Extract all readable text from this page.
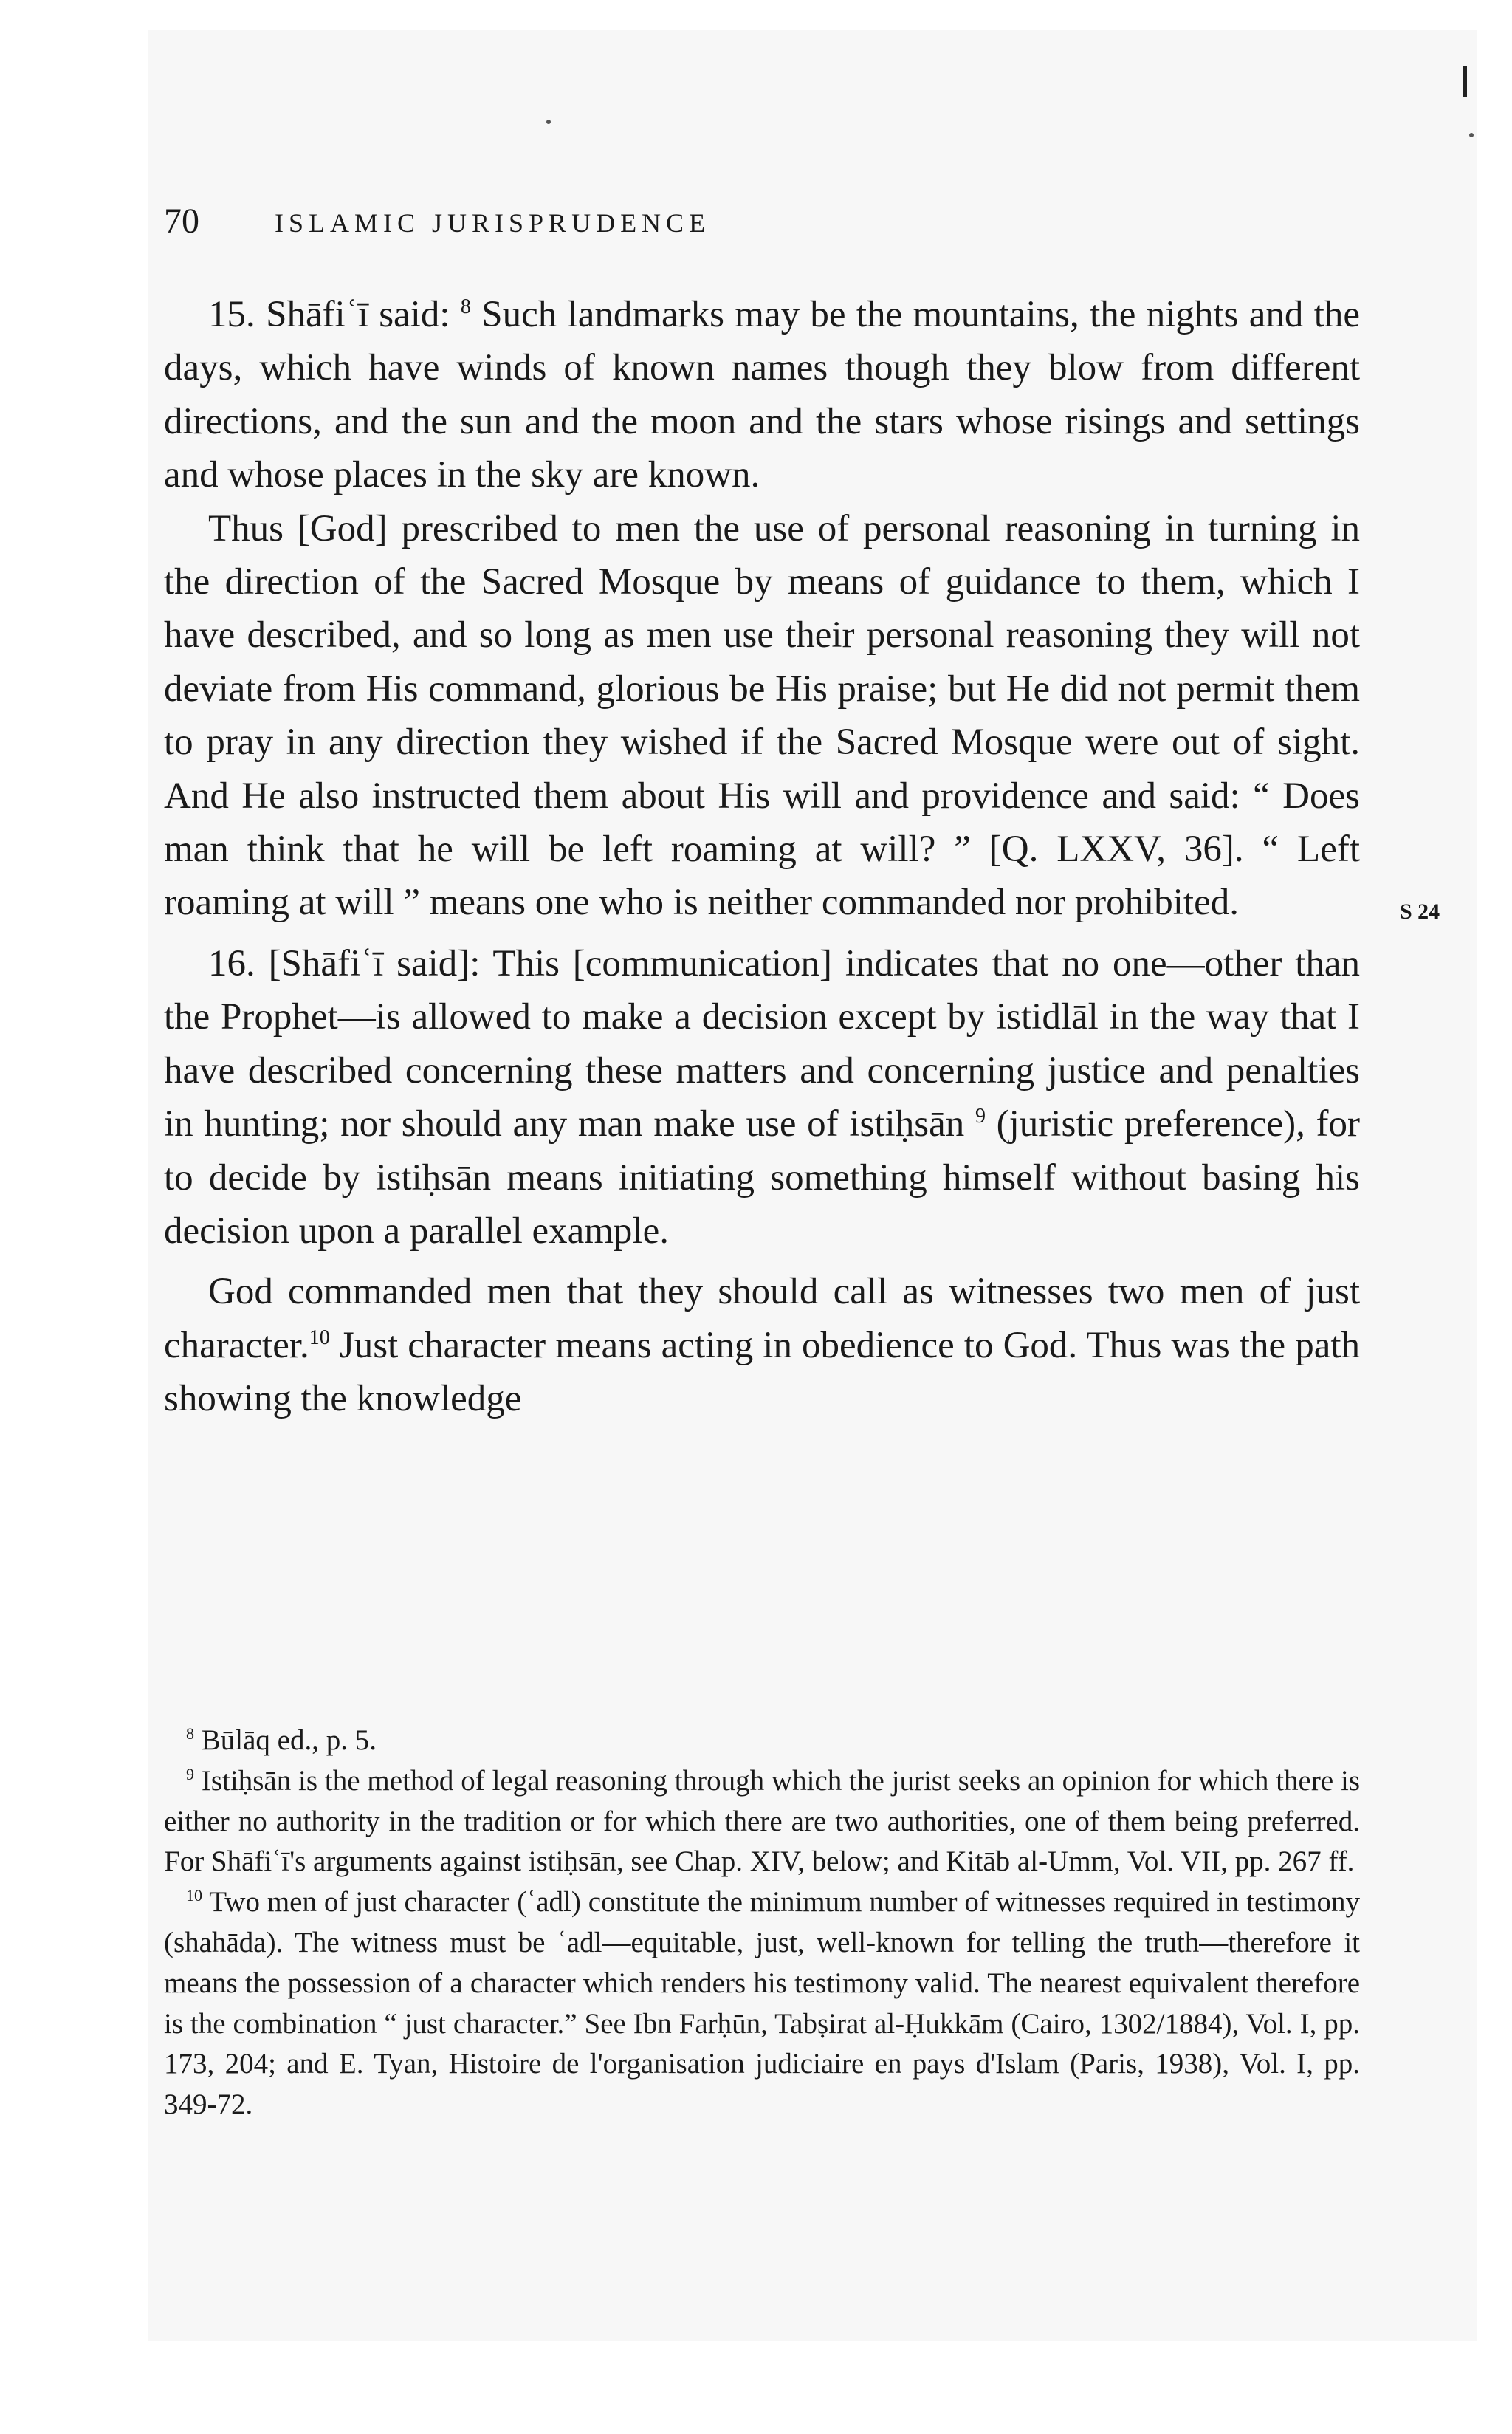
70	ISLAMIC JURISPRUDENCE
S 24

15. Shāfiʿī said: $^8$ Such landmarks may be the mountains, the nights and the days, which have winds of known names though they blow from different directions, and the sun and the moon and the stars whose risings and settings and whose places in the sky are known.

Thus [God] prescribed to men the use of personal reasoning in turning in the direction of the Sacred Mosque by means of guidance to them, which I have described, and so long as men use their personal reasoning they will not deviate from His command, glorious be His praise; but He did not permit them to pray in any direction they wished if the Sacred Mosque were out of sight. And He also instructed them about His will and providence and said: “ Does man think that he will be left roaming at will? ” [Q. LXXV, 36]. “ Left roaming at will ” means one who is neither commanded nor prohibited.

16. [Shāfiʿī said]: This [communication] indicates that no one—other than the Prophet—is allowed to make a decision except by istidlāl in the way that I have described concerning these matters and concerning justice and penalties in hunting; nor should any man make use of istiḥsān $^9$ (juristic preference), for to decide by istiḥsān means initiating something himself without basing his decision upon a parallel example.

God commanded men that they should call as witnesses two men of just character.$^{10}$ Just character means acting in obedience to God. Thus was the path showing the knowledge

$^8$ Būlāq ed., p. 5.

$^9$ Istiḥsān is the method of legal reasoning through which the jurist seeks an opinion for which there is either no authority in the tradition or for which there are two authorities, one of them being preferred. For Shāfiʿī's arguments against istiḥsān, see Chap. XIV, below; and Kitāb al-Umm, Vol. VII, pp. 267 ff.

$^{10}$ Two men of just character (ʿadl) constitute the minimum number of witnesses required in testimony (shahāda). The witness must be ʿadl—equitable, just, well-known for telling the truth—therefore it means the possession of a character which renders his testimony valid. The nearest equivalent therefore is the combination “ just character.” See Ibn Farḥūn, Tabṣirat al-Ḥukkām (Cairo, 1302/1884), Vol. I, pp. 173, 204; and E. Tyan, Histoire de l'organisation judiciaire en pays d'Islam (Paris, 1938), Vol. I, pp. 349-72.
